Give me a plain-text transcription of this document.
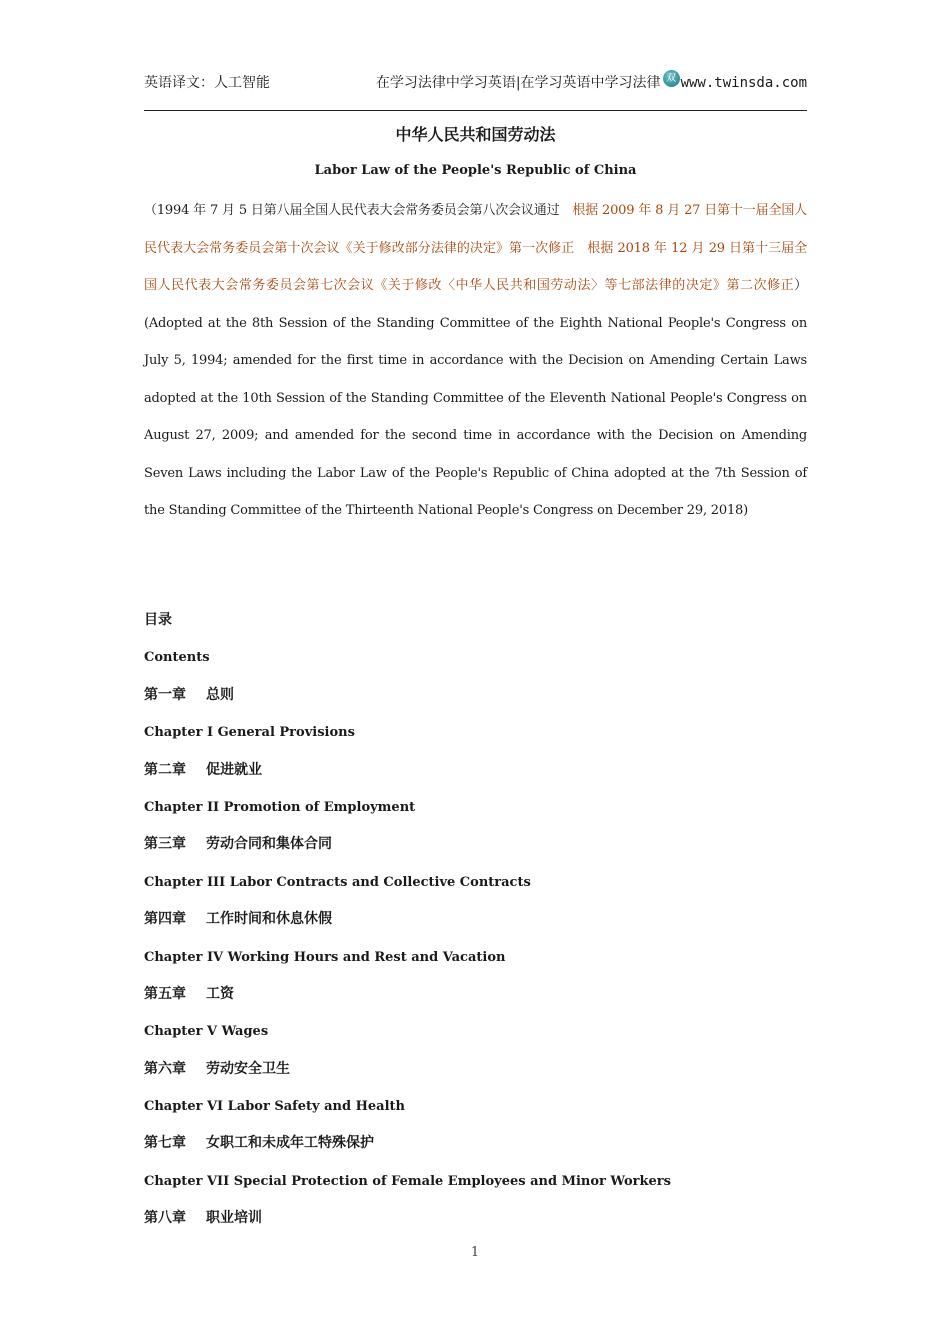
英语译文：人工智能	在学习法律中学习英语|在学习英语中学习法律 双 www.twinsda.com
中华人民共和国劳动法
Labor Law of the People's Republic of China
（1994 年 7 月 5 日第八届全国人民代表大会常务委员会第八次会议通过　根据 2009 年 8 月 27 日第十一届全国人民代表大会常务委员会第十次会议《关于修改部分法律的决定》第一次修正　根据 2018 年 12 月 29 日第十三届全国人民代表大会常务委员会第七次会议《关于修改〈中华人民共和国劳动法〉等七部法律的决定》第二次修正）(Adopted at the 8th Session of the Standing Committee of the Eighth National People's Congress on July 5, 1994; amended for the first time in accordance with the Decision on Amending Certain Laws adopted at the 10th Session of the Standing Committee of the Eleventh National People's Congress on August 27, 2009; and amended for the second time in accordance with the Decision on Amending Seven Laws including the Labor Law of the People's Republic of China adopted at the 7th Session of the Standing Committee of the Thirteenth National People's Congress on December 29, 2018)
目录
Contents
第一章 总则
Chapter I General Provisions
第二章 促进就业
Chapter II Promotion of Employment
第三章 劳动合同和集体合同
Chapter III Labor Contracts and Collective Contracts
第四章 工作时间和休息休假
Chapter IV Working Hours and Rest and Vacation
第五章 工资
Chapter V Wages
第六章 劳动安全卫生
Chapter VI Labor Safety and Health
第七章 女职工和未成年工特殊保护
Chapter VII Special Protection of Female Employees and Minor Workers
第八章 职业培训
1
